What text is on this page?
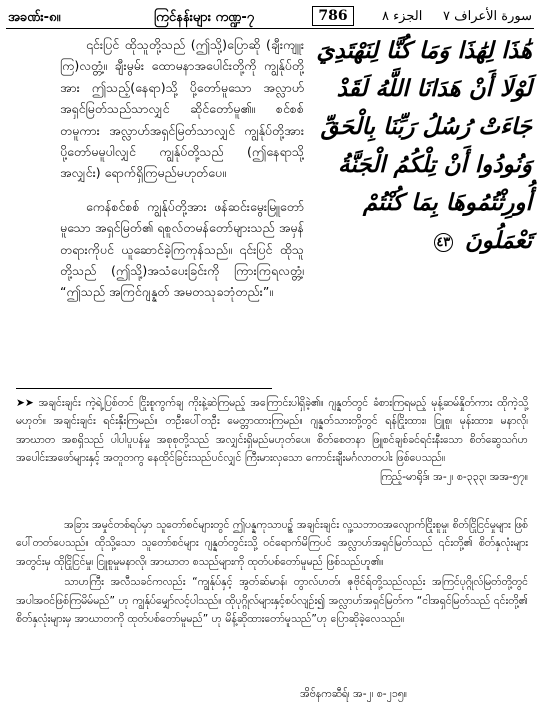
အခဏ်း-၈။	ကြင်နန်းများ ကဏ္ဍ-၇	786	سورة الأعراف ٧     الجزء ٨

၎င်းပြင် ထိုသူတို့သည် (ဤသို့)ပြောဆို (ချီးကျူးကြ)လတ္တံ့။ ချီးမွမ်း ထောမနာအပေါင်းတို့ကို ကျွန်ုပ်တို့အား ဤသည့်(နေရာ)သို့ ပို့တော်မူသော အလ္လာဟ် အရှင်မြတ်သည်သာလျှင် ဆိုင်တော်မူ၏။ စင်စစ်တမူကား အလ္လာဟ်အရှင်မြတ်သာလျှင် ကျွန်ုပ်တို့အား ပို့တော်မမူပါလျှင် ကျွန်ုပ်တို့သည် (ဤနေရာသို့ အလျှင်း) ရောက်ရှိကြမည်မဟုတ်ပေ။

ကေန်စင်စစ် ကျွန်ုပ်တို့အား ဖန်ဆင်းမွေးမြူတော်မူသော အရှင်မြတ်၏ ရစူလ်တမန်တော်များသည် အမှန်တရားကိုပင် ယူဆောင်ခဲ့ကြကုန်သည်။ ၎င်းပြင် ထိုသူတို့သည် (ဤသို့)အသံပေးခြင်းကို ကြားကြရလတ္တံ့၊ “ဤသည် အကြင်ဂျန္နတ် အမတသုခဘုံတည်း”။

هَٰذَا لِهَٰذَا وَمَا كُنَّا لِنَهْتَدِيَ
لَوْلَا أَنْ هَدَانَا اللَّهُ لَقَدْ
جَاءَتْ رُسُلُ رَبِّنَا بِالْحَقِّ
وَنُودُوا أَنْ تِلْكُمُ الْجَنَّةُ
أُورِثْتُمُوهَا بِمَا كُنْتُمْ
تَعْمَلُونَ ٤٣

➤➤ အချင်းချင်း ကဲ့ရဲ့ပြစ်တင် ငြိုးစူကွက်ချ ကိုးနဲ့ဆဲကြမည့် အကြောင်းပါရှိခဲ့၏။ ဂျန္နတ်တွင် ခံစားကြရမည့် မုန့်ဆမ်နှိုတ်ကား ထိုကဲ့သို့ မဟုတ်။ အချင်းချင်း ရင်းနှီးကြမည်။ တဦးပေါ်တဦး မေတ္တာထားကြမည်။ ဂျန္နတ်သားတို့တွင် ရန်ငြိုးထား၊ ငြူစူ၊ မုန်းထား၊ မနာလို၊ အာဃာတ အစရှိသည် ပါပါပူပန်မှု အစုစုတို့သည် အလျှင်းရှိမည်မဟုတ်ပေ။ စိတ်စေတနာ ဖြူစင်ချစ်ခင်ရင်းနီးသော စိတ်ဆွေသဂ်ဟအပေါင်းအဖော်များနှင့် အတူတကွ နေထိုင်ခြင်းသည်ပင်လျှင် ကြီးမားလှသော ကောင်းချီးမင်္ဂလာတပါး ဖြစ်ပေသည်။

ကြည့်-မာရိုဒ်၊ အ-၂၊ စ-၃၃၃၊ အအ-၅၇။

အခြား အမှုင်တစ်ရပ်မှာ သူတော်စင်များတွင် ဤပန္နကုသာပဉ္စ် အချင်းချင်း လူ့သဘာဝအလျောက်ငြိုးစူမှု၊ စိတ်ငြိုငြင်မှုများ ဖြစ်ပေါ်တတ်ပေသည်။ ထိုသို့သော သူတော်စင်များ ဂျန္နတ်တွင်းသို့ ဝင်ရောက်မိကြပင် အလ္လာဟ်အရှင်မြတ်သည် ၎င်းတို့၏ စိတ်နှလုံးများအတွင်းမှ ထိုငြိုငြင်မှု၊ ငြူစူမှုမနာလို၊ အာဃာတ စသည်များကို ထုတ်ပစ်တော်မူမည် ဖြစ်သည်ဟူ၏။

သာဟကြီး အလီသခင်ကလည်း “ကျွန်ုပ်နှင့် အွတ်ဆ်မာန်၊ တွာလ်ဟတ်၊ ဇုဗိုင်ရ်တို့သည်လည်း အကြင်ပုဂ္ဂိုလ်မြတ်တို့တွင် အပါအဝင်ဖြစ်ကြမိမ်မည်” ဟု ကျွန်ုပ်မျှော်လင့်ပါသည်။ ထိုပုဂ္ဂိုလ်များနှင့်စပ်လျဉ်း၍ အလ္လာဟ်အရှင်မြတ်က “ငါအရှင်မြတ်သည် ၎င်းတို့၏ စိတ်နှလုံးများမှ အာဃာတကို ထုတ်ပစ်တော်မူမည်” ဟု မိန့်ဆိုထားတော်မူသည်”ဟု ပြောဆိုခဲ့လေသည်။

အိဗ်နကဆီရ်၊ အ-၂၊ စ-၂၁၅။
